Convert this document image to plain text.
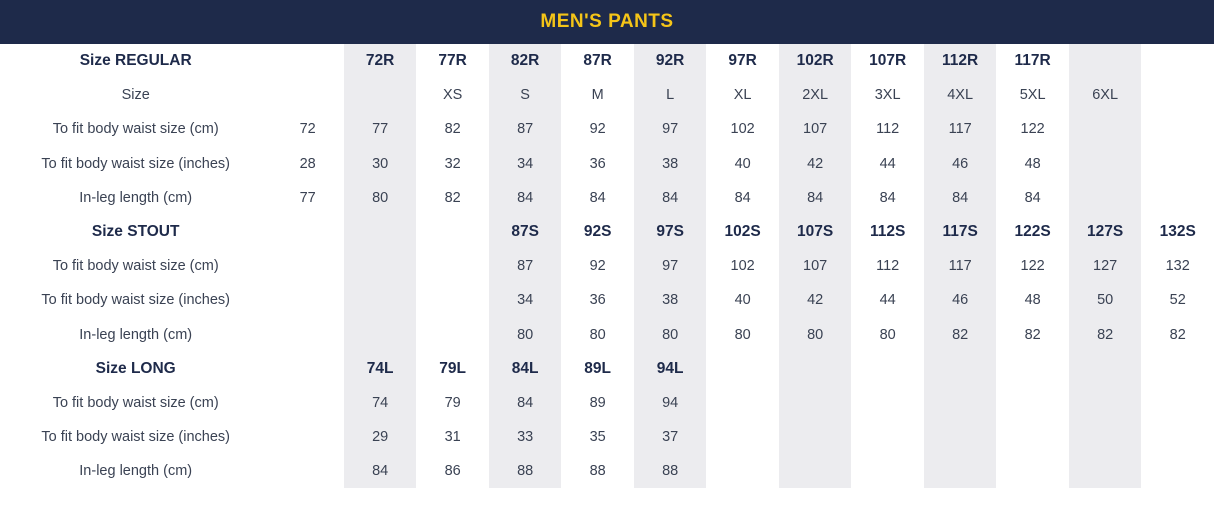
MEN'S PANTS
Size REGULAR		72R	77R	82R	87R	92R	97R	102R	107R	112R	117R		
Size			XS	S	M	L	XL	2XL	3XL	4XL	5XL	6XL	
To fit body waist size (cm)	72	77	82	87	92	97	102	107	112	117	122		
To fit body waist size (inches)	28	30	32	34	36	38	40	42	44	46	48		
In-leg length (cm)	77	80	82	84	84	84	84	84	84	84	84		
Size STOUT				87S	92S	97S	102S	107S	112S	117S	122S	127S	132S
To fit body waist size (cm)				87	92	97	102	107	112	117	122	127	132
To fit body waist size (inches)				34	36	38	40	42	44	46	48	50	52
In-leg length (cm)				80	80	80	80	80	80	82	82	82	82
Size LONG		74L	79L	84L	89L	94L							
To fit body waist size (cm)		74	79	84	89	94							
To fit body waist size (inches)		29	31	33	35	37							
In-leg length (cm)		84	86	88	88	88							
